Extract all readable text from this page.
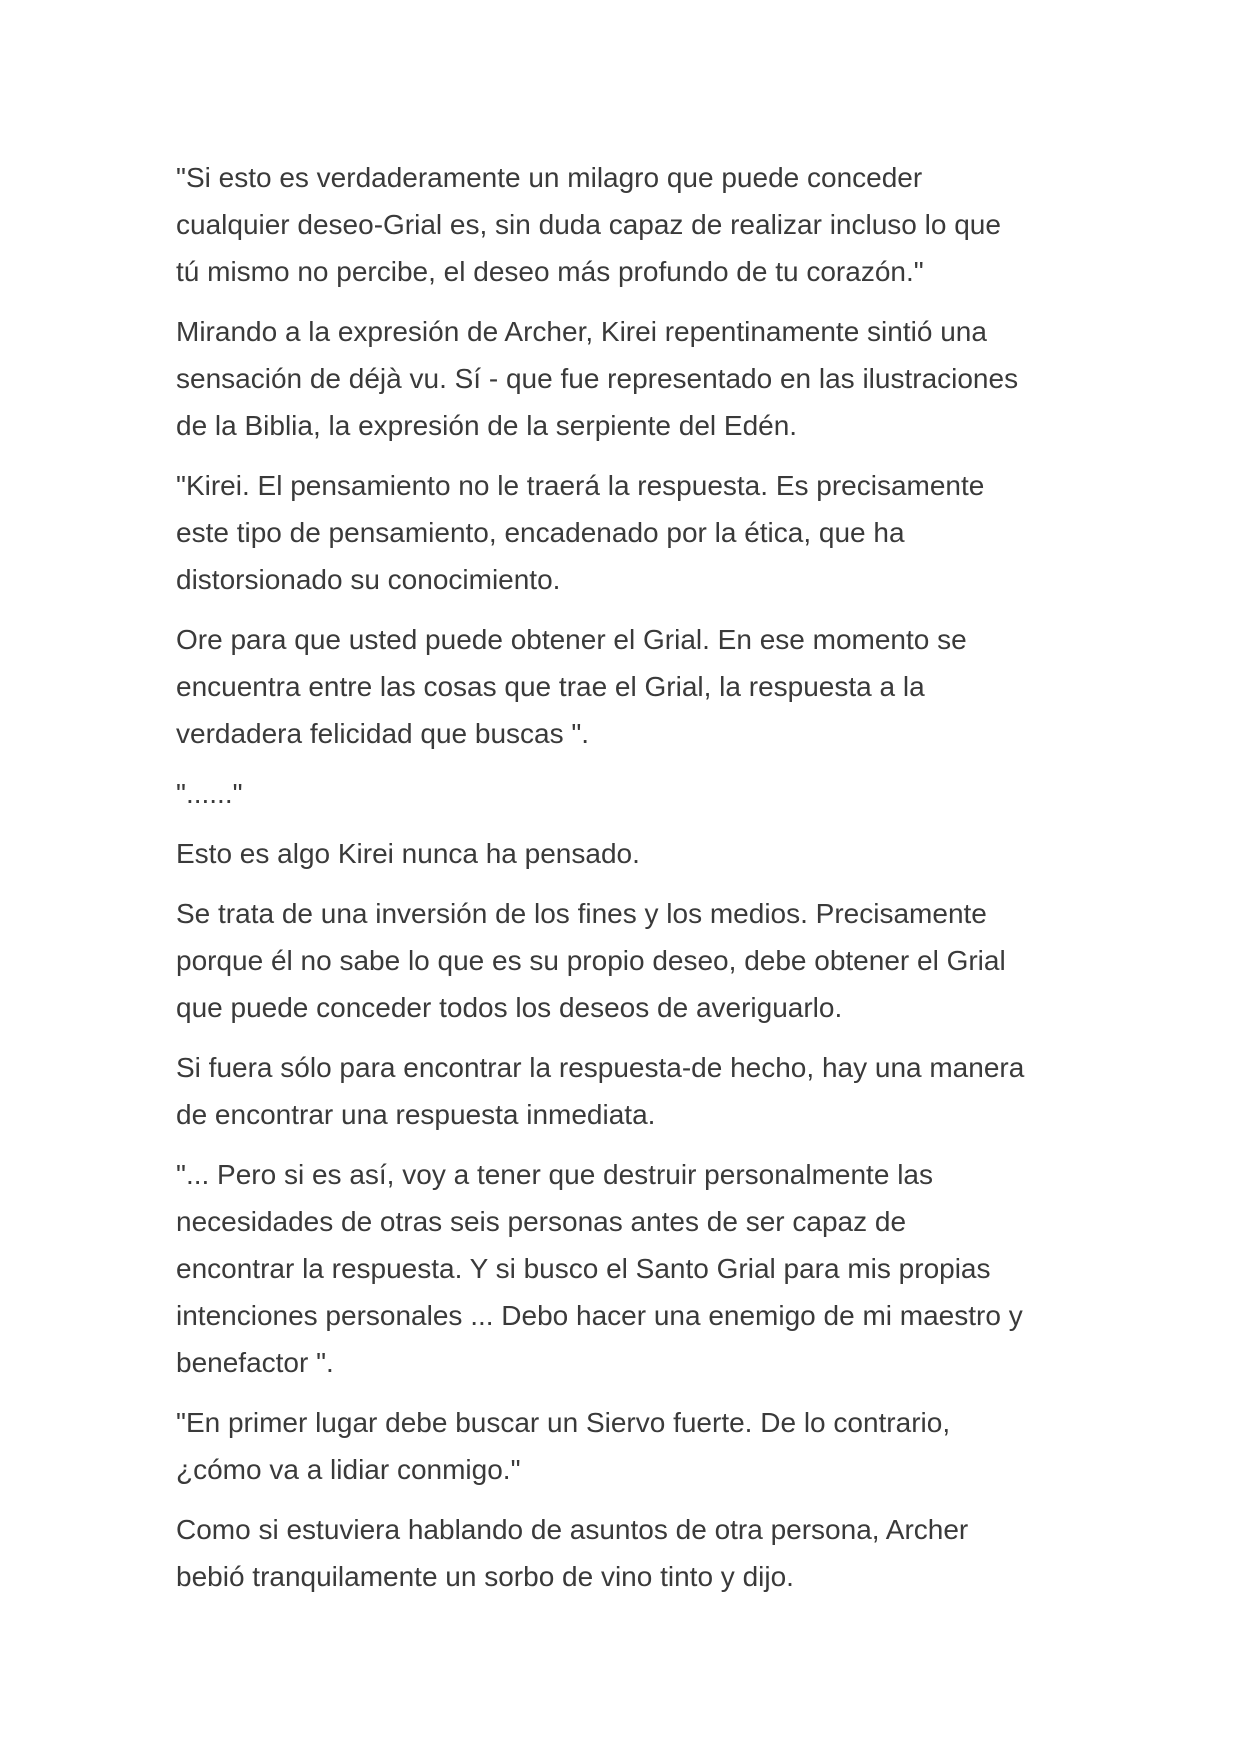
"Si esto es verdaderamente un milagro que puede conceder
cualquier deseo-Grial es, sin duda capaz de realizar incluso lo que
tú mismo no percibe, el deseo más profundo de tu corazón."

Mirando a la expresión de Archer, Kirei repentinamente sintió una
sensación de déjà vu. Sí - que fue representado en las ilustraciones
de la Biblia, la expresión de la serpiente del Edén.

"Kirei. El pensamiento no le traerá la respuesta. Es precisamente
este tipo de pensamiento, encadenado por la ética, que ha
distorsionado su conocimiento.

Ore para que usted puede obtener el Grial. En ese momento se
encuentra entre las cosas que trae el Grial, la respuesta a la
verdadera felicidad que buscas ".

"......"

Esto es algo Kirei nunca ha pensado.

Se trata de una inversión de los fines y los medios. Precisamente
porque él no sabe lo que es su propio deseo, debe obtener el Grial
que puede conceder todos los deseos de averiguarlo.

Si fuera sólo para encontrar la respuesta-de hecho, hay una manera
de encontrar una respuesta inmediata.

"... Pero si es así, voy a tener que destruir personalmente las
necesidades de otras seis personas antes de ser capaz de
encontrar la respuesta. Y si busco el Santo Grial para mis propias
intenciones personales ... Debo hacer una enemigo de mi maestro y
benefactor ".

"En primer lugar debe buscar un Siervo fuerte. De lo contrario,
¿cómo va a lidiar conmigo."

Como si estuviera hablando de asuntos de otra persona, Archer
bebió tranquilamente un sorbo de vino tinto y dijo.
